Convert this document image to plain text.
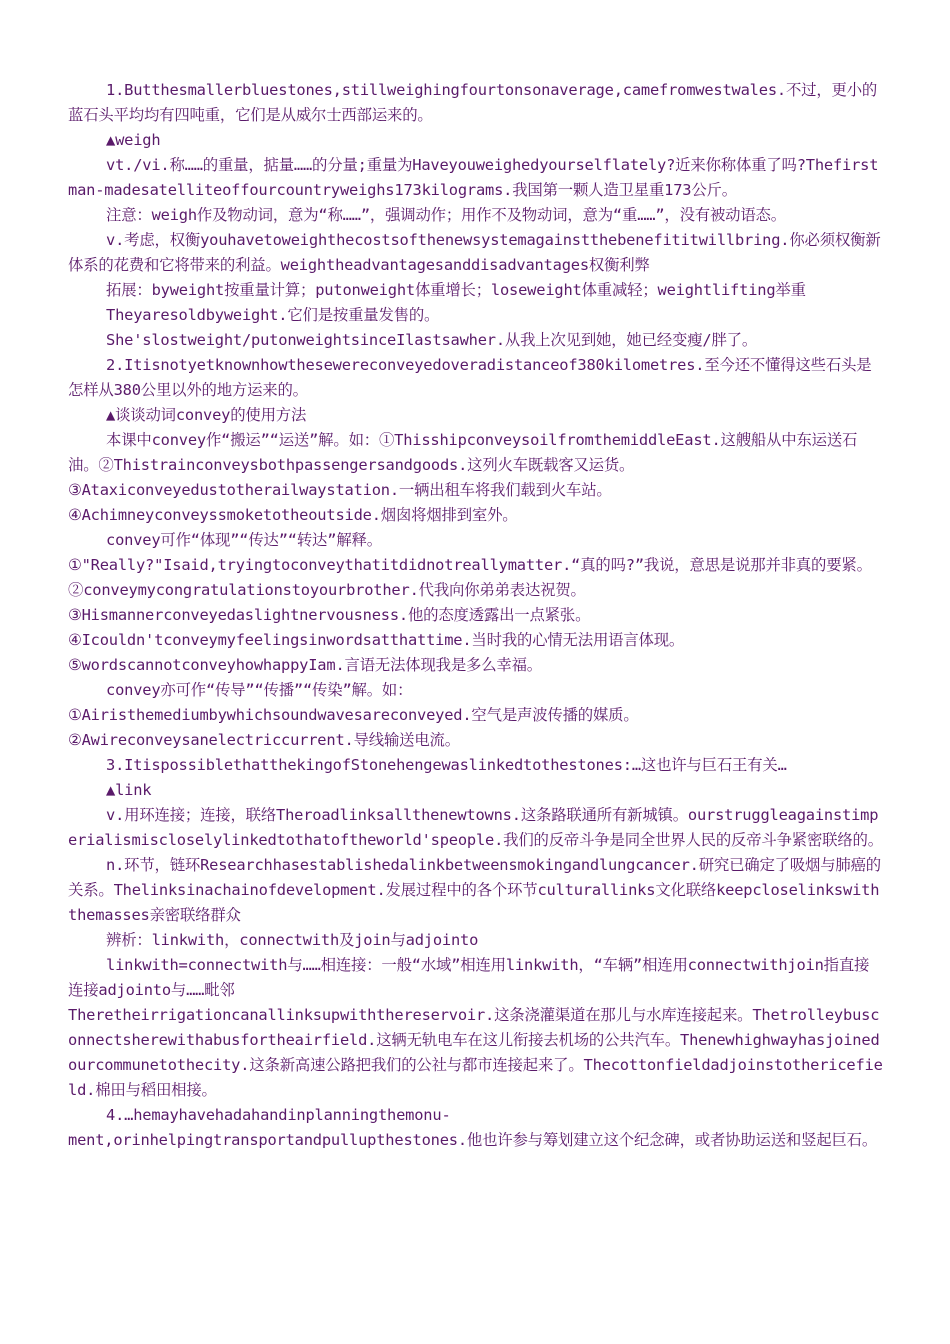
1.Butthesmallerbluestones,stillweighingfourtonsonaverage,camefromwestwales.不过，更小的蓝石头平均均有四吨重，它们是从威尔士西部运来的。

▲weigh

vt./vi.称……的重量，掂量……的分量;重量为Haveyouweighedyourselflately?近来你称体重了吗?Thefirstman-madesatelliteoffourcountryweighs173kilograms.我国第一颗人造卫星重173公斤。

注意：weigh作及物动词，意为“称……”，强调动作；用作不及物动词，意为“重……”，没有被动语态。

v.考虑，权衡youhavetoweighthecostsofthenewsystemagainstthebenefititwillbring.你必须权衡新体系的花费和它将带来的利益。weightheadvantagesanddisadvantages权衡利弊

拓展：byweight按重量计算；putonweight体重增长；loseweight体重减轻；weightlifting举重

Theyaresoldbyweight.它们是按重量发售的。

She'slostweight/putonweightsinceIlastsawher.从我上次见到她，她已经变瘦/胖了。

2.Itisnotyetknownhowthesewereconveyedoveradistanceof380kilometres.至今还不懂得这些石头是怎样从380公里以外的地方运来的。

▲谈谈动词convey的使用方法

本课中convey作“搬运”“运送”解。如：①ThisshipconveysoilfromthemiddleEast.这艘船从中东运送石油。②Thistrainconveysbothpassengersandgoods.这列火车既载客又运货。

③Ataxiconveyedustotherailwaystation.一辆出租车将我们载到火车站。

④Achimneyconveyssmoketotheoutside.烟囱将烟排到室外。

convey可作“体现”“传达”“转达”解释。

①"Really?"Isaid,tryingtoconveythatitdidnotreallymatter.“真的吗?”我说，意思是说那并非真的要紧。②conveymycongratulationstoyourbrother.代我向你弟弟表达祝贺。

③Hismannerconveyedaslightnervousness.他的态度透露出一点紧张。

④Icouldn'tconveymyfeelingsinwordsatthattime.当时我的心情无法用语言体现。

⑤wordscannotconveyhowhappyIam.言语无法体现我是多么幸福。

convey亦可作“传导”“传播”“传染”解。如：

①Airisthemediumbywhichsoundwavesareconveyed.空气是声波传播的媒质。

②Awireconveysanelectriccurrent.导线输送电流。

3.ItispossiblethatthekingofStonehengewaslinkedtothestones:…这也许与巨石王有关…

▲link

v.用环连接；连接，联络Theroadlinksallthenewtowns.这条路联通所有新城镇。ourstruggleagainstimperialismiscloselylinkedtothatoftheworld'speople.我们的反帝斗争是同全世界人民的反帝斗争紧密联络的。

n.环节，链环Researchhasestablishedalinkbetweensmokingandlungcancer.研究已确定了吸烟与肺癌的关系。Thelinksinachainofdevelopment.发展过程中的各个环节culturallinks文化联络keepcloselinkswiththemasses亲密联络群众

辨析：linkwith，connectwith及join与adjointo

linkwith=connectwith与……相连接：一般“水域”相连用linkwith，“车辆”相连用connectwithjoin指直接连接adjointo与……毗邻

Theretheirrigationcanallinksupwiththereservoir.这条浇灌渠道在那儿与水库连接起来。Thetrolleybusconnectsherewithabusfortheairfield.这辆无轨电车在这儿衔接去机场的公共汽车。Thenewhighwayhasjoinedourcommunetothecity.这条新高速公路把我们的公社与都市连接起来了。Thecottonfieldadjoinstothericefield.棉田与稻田相接。

4.…hemayhavehadahandinplanningthemonu-

ment,orinhelpingtransportandpullupthestones.他也许参与筹划建立这个纪念碑，或者协助运送和竖起巨石。
